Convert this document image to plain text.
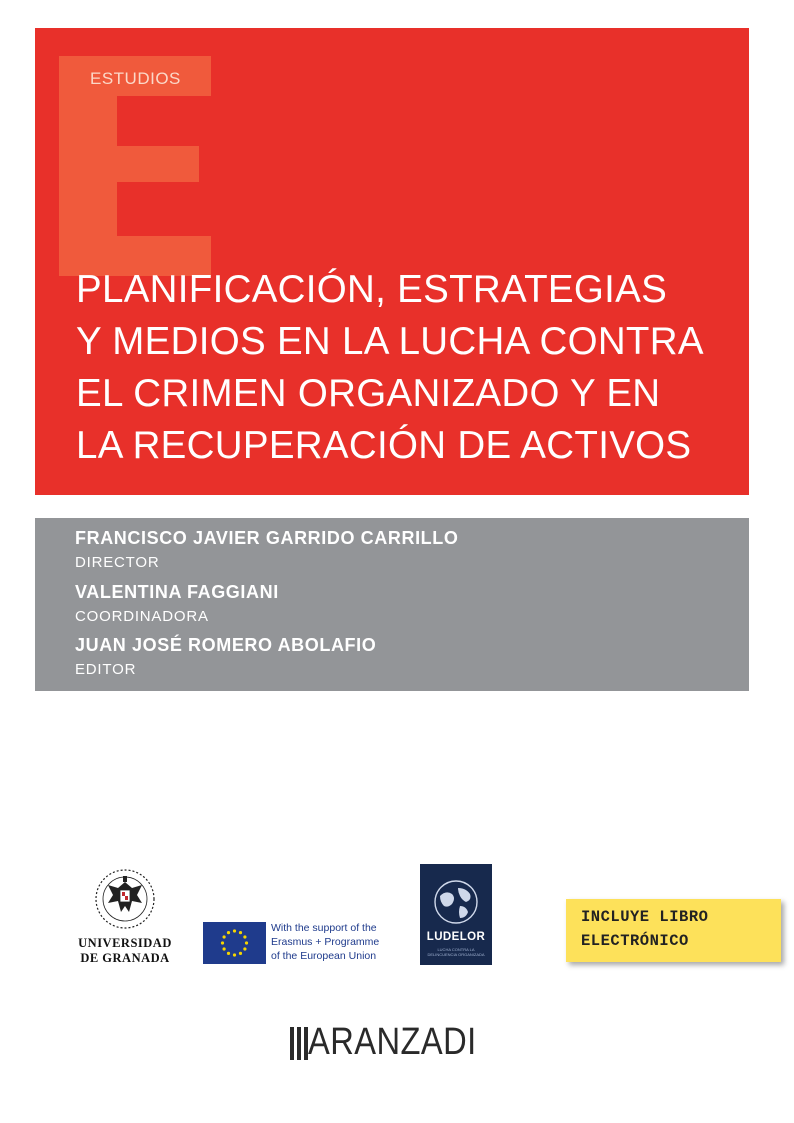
ESTUDIOS
PLANIFICACIÓN, ESTRATEGIAS
Y MEDIOS EN LA LUCHA CONTRA
EL CRIMEN ORGANIZADO Y EN
LA RECUPERACIÓN DE ACTIVOS
FRANCISCO JAVIER GARRIDO CARRILLO
DIRECTOR
VALENTINA FAGGIANI
COORDINADORA
JUAN JOSÉ ROMERO ABOLAFIO
EDITOR
UNIVERSIDAD
DE GRANADA
With the support of the
Erasmus + Programme
of the European Union
LUDELOR
LUCHA CONTRA LA DELINCUENCIA ORGANIZADA
INCLUYE LIBRO
ELECTRÓNICO
ARANZADI
